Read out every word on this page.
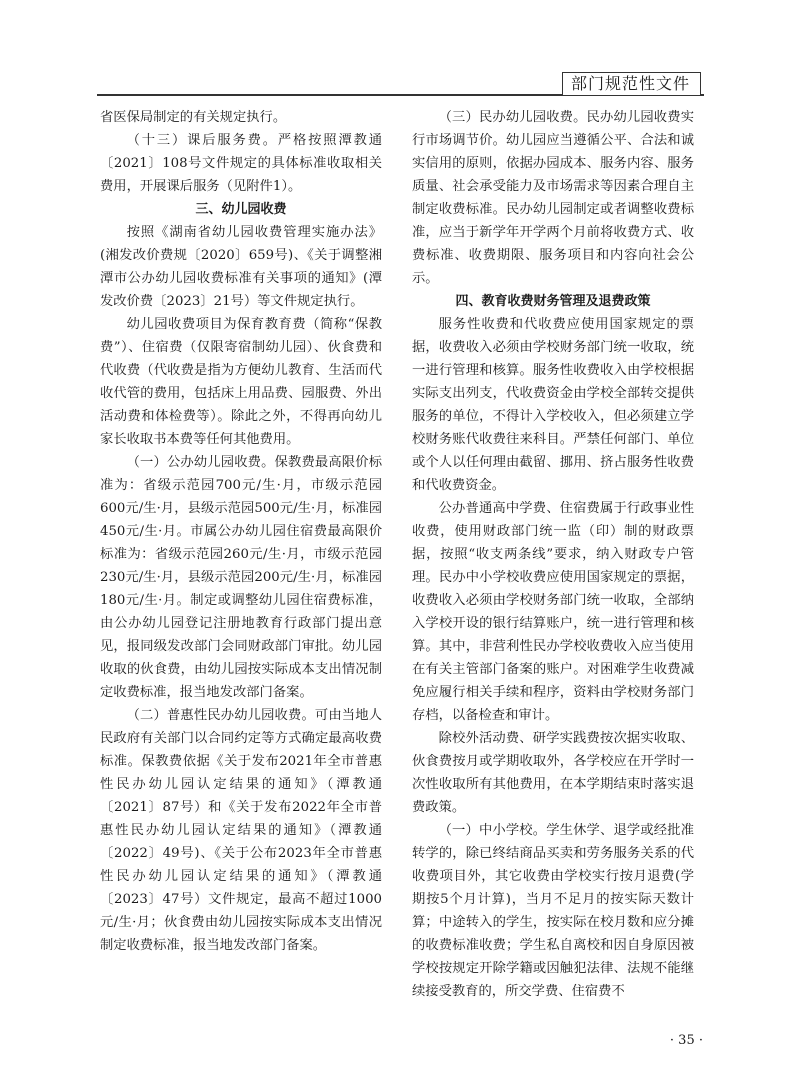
部门规范性文件

省医保局制定的有关规定执行。

（十三）课后服务费。严格按照潭教通〔2021〕108号文件规定的具体标准收取相关费用，开展课后服务（见附件1）。

三、幼儿园收费

按照《湖南省幼儿园收费管理实施办法》(湘发改价费规〔2020〕659号)、《关于调整湘潭市公办幼儿园收费标准有关事项的通知》(潭发改价费〔2023〕21号）等文件规定执行。

幼儿园收费项目为保育教育费（简称“保教费”）、住宿费（仅限寄宿制幼儿园）、伙食费和代收费（代收费是指为方便幼儿教育、生活而代收代管的费用，包括床上用品费、园服费、外出活动费和体检费等）。除此之外，不得再向幼儿家长收取书本费等任何其他费用。

（一）公办幼儿园收费。保教费最高限价标准为：省级示范园700元/生·月，市级示范园600元/生·月，县级示范园500元/生·月，标准园450元/生·月。市属公办幼儿园住宿费最高限价标准为：省级示范园260元/生·月，市级示范园230元/生·月，县级示范园200元/生·月，标准园180元/生·月。制定或调整幼儿园住宿费标准，由公办幼儿园登记注册地教育行政部门提出意见，报同级发改部门会同财政部门审批。幼儿园收取的伙食费，由幼儿园按实际成本支出情况制定收费标准，报当地发改部门备案。

（二）普惠性民办幼儿园收费。可由当地人民政府有关部门以合同约定等方式确定最高收费标准。保教费依据《关于发布2021年全市普惠性民办幼儿园认定结果的通知》（潭教通〔2021〕87号）和《关于发布2022年全市普惠性民办幼儿园认定结果的通知》（潭教通〔2022〕49号)、《关于公布2023年全市普惠性民办幼儿园认定结果的通知》（潭教通〔2023〕47号）文件规定，最高不超过1000元/生·月；伙食费由幼儿园按实际成本支出情况制定收费标准，报当地发改部门备案。

（三）民办幼儿园收费。民办幼儿园收费实行市场调节价。幼儿园应当遵循公平、合法和诚实信用的原则，依据办园成本、服务内容、服务质量、社会承受能力及市场需求等因素合理自主制定收费标准。民办幼儿园制定或者调整收费标准，应当于新学年开学两个月前将收费方式、收费标准、收费期限、服务项目和内容向社会公示。

四、教育收费财务管理及退费政策

服务性收费和代收费应使用国家规定的票据，收费收入必须由学校财务部门统一收取，统一进行管理和核算。服务性收费收入由学校根据实际支出列支，代收费资金由学校全部转交提供服务的单位，不得计入学校收入，但必须建立学校财务账代收费往来科目。严禁任何部门、单位或个人以任何理由截留、挪用、挤占服务性收费和代收费资金。

公办普通高中学费、住宿费属于行政事业性收费，使用财政部门统一监（印）制的财政票据，按照“收支两条线”要求，纳入财政专户管理。民办中小学校收费应使用国家规定的票据，收费收入必须由学校财务部门统一收取，全部纳入学校开设的银行结算账户，统一进行管理和核算。其中，非营利性民办学校收费收入应当使用在有关主管部门备案的账户。对困难学生收费减免应履行相关手续和程序，资料由学校财务部门存档，以备检查和审计。

除校外活动费、研学实践费按次据实收取、伙食费按月或学期收取外，各学校应在开学时一次性收取所有其他费用，在本学期结束时落实退费政策。

（一）中小学校。学生休学、退学或经批准转学的，除已终结商品买卖和劳务服务关系的代收费项目外，其它收费由学校实行按月退费(学期按5个月计算)，当月不足月的按实际天数计算；中途转入的学生，按实际在校月数和应分摊的收费标准收费；学生私自离校和因自身原因被学校按规定开除学籍或因触犯法律、法规不能继续接受教育的，所交学费、住宿费不

· 35 ·
